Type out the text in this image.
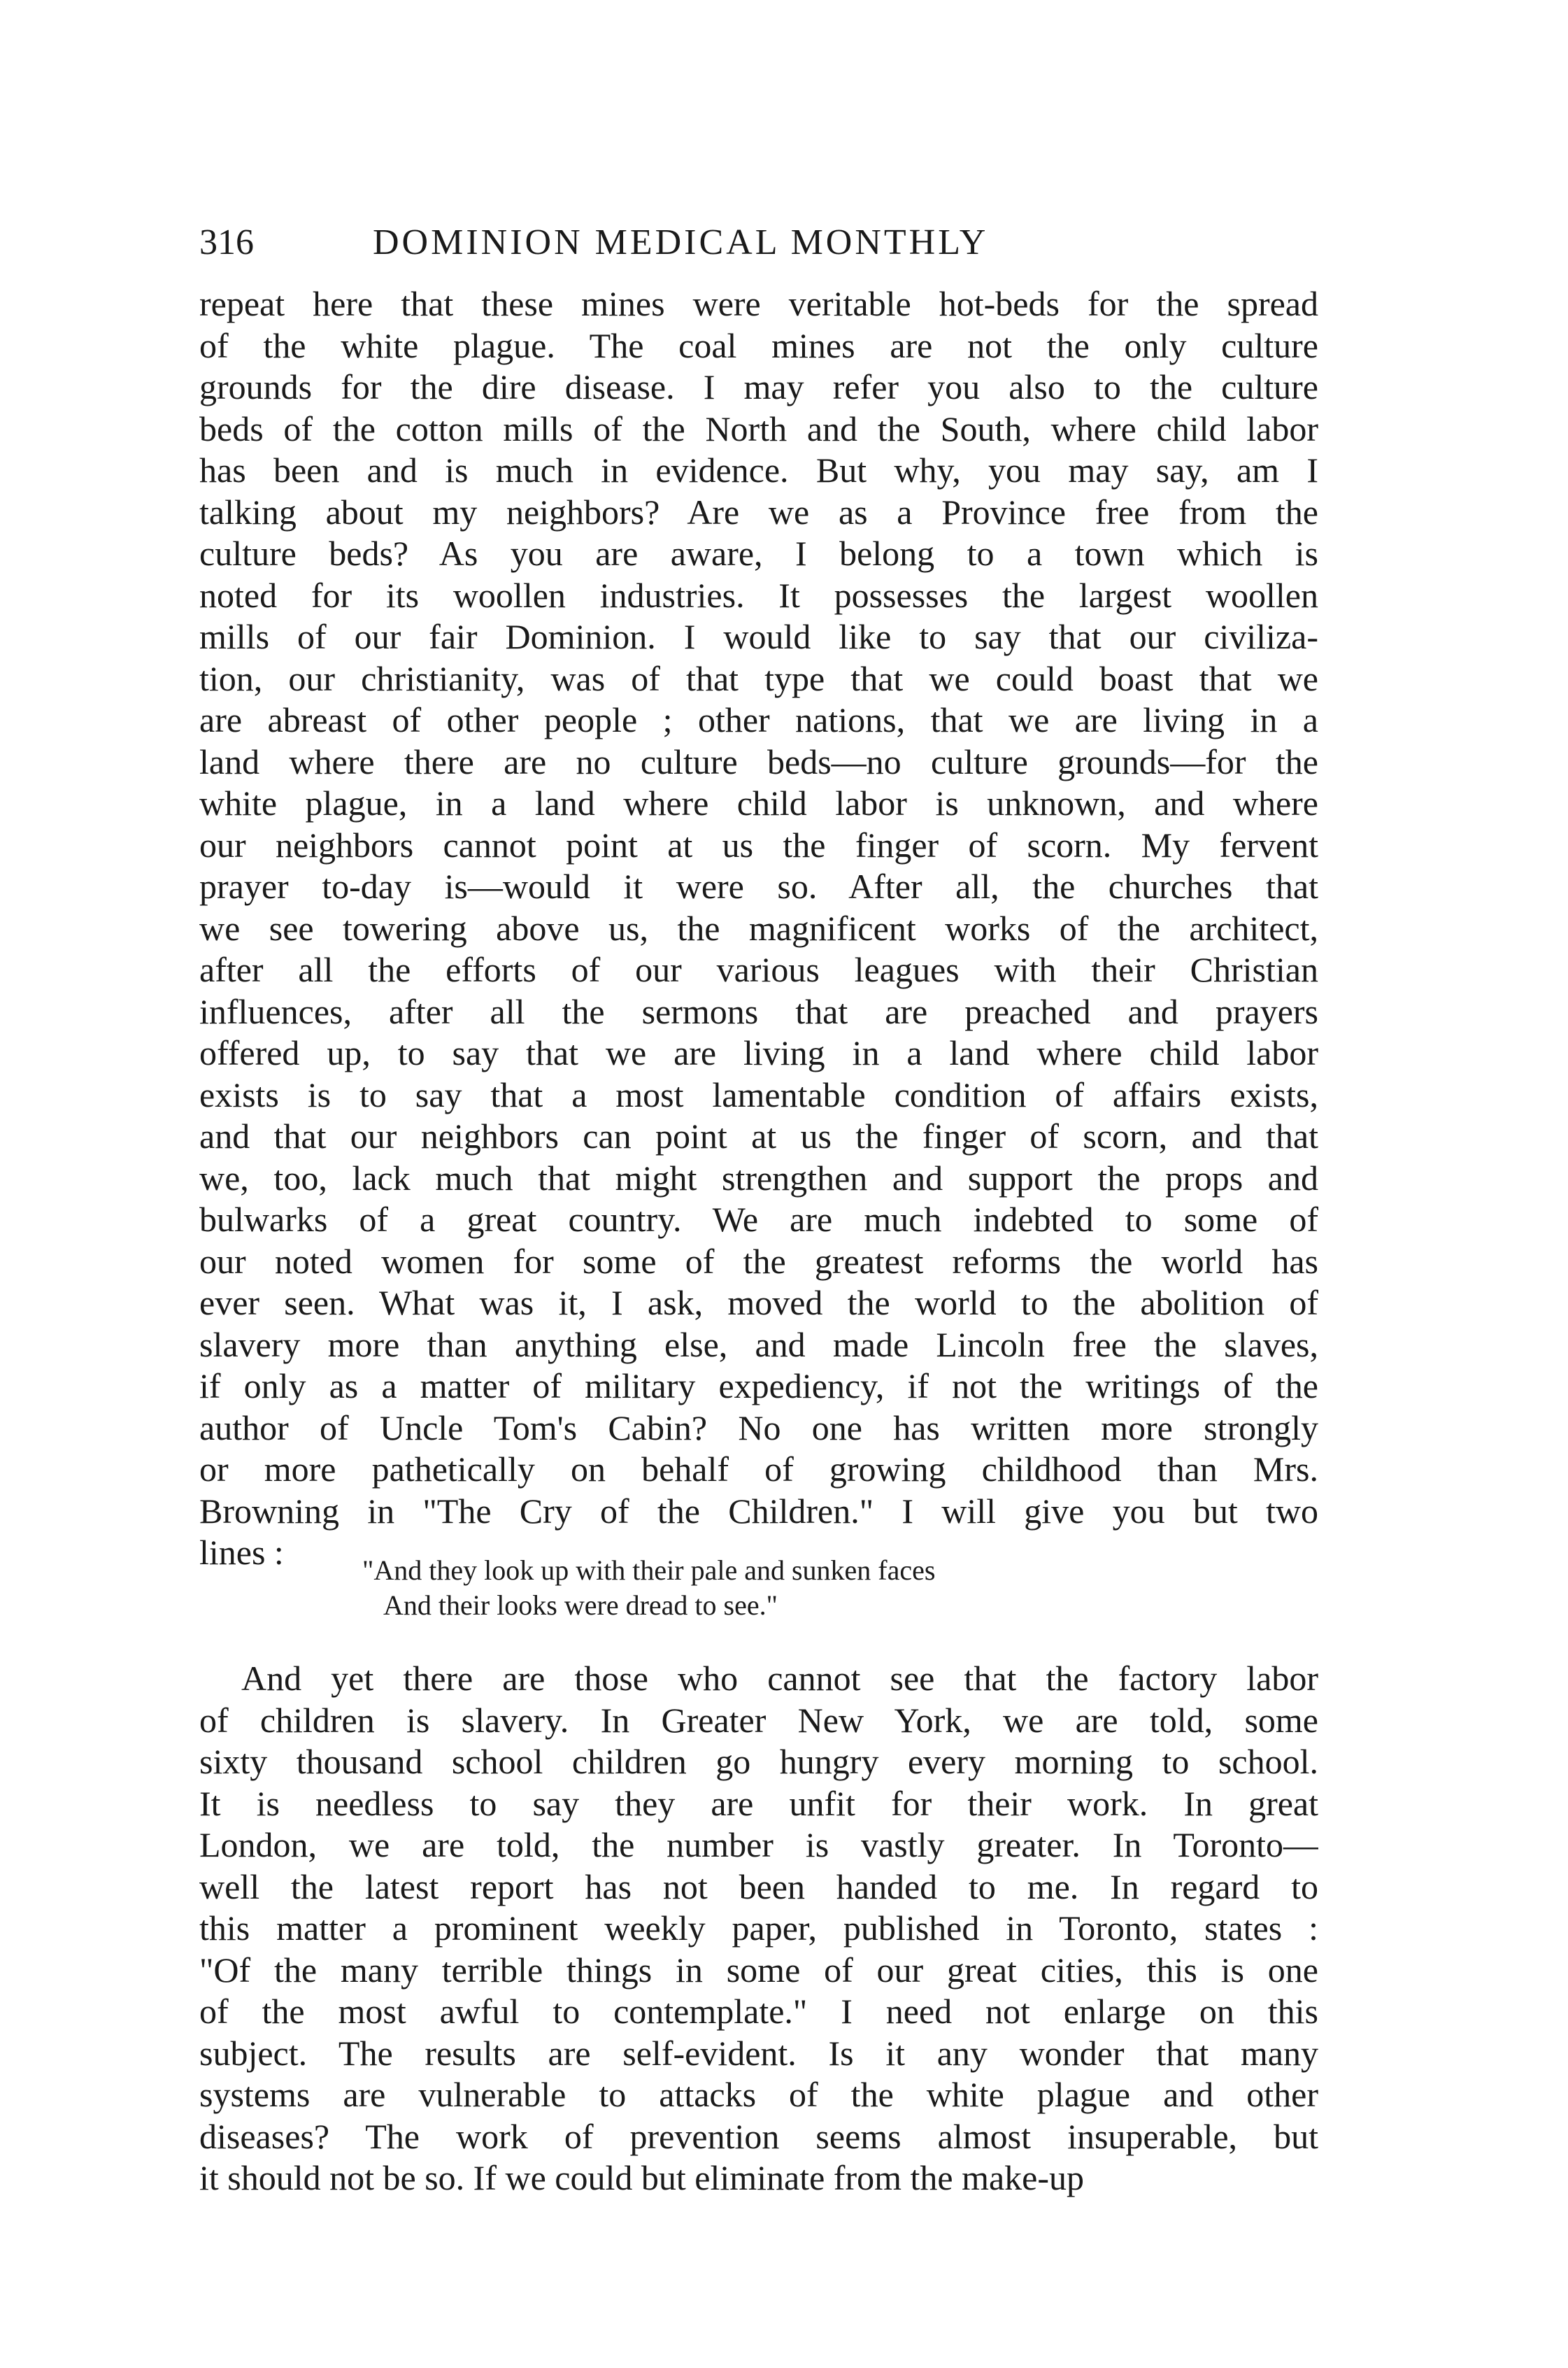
316	DOMINION MEDICAL MONTHLY

repeat here that these mines were veritable hot-beds for the spread
of the white plague. The coal mines are not the only culture
grounds for the dire disease. I may refer you also to the culture
beds of the cotton mills of the North and the South, where child labor
has been and is much in evidence. But why, you may say, am I
talking about my neighbors? Are we as a Province free from the
culture beds? As you are aware, I belong to a town which is
noted for its woollen industries. It possesses the largest woollen
mills of our fair Dominion. I would like to say that our civiliza-
tion, our christianity, was of that type that we could boast that we
are abreast of other people ; other nations, that we are living in a
land where there are no culture beds—no culture grounds—for the
white plague, in a land where child labor is unknown, and where
our neighbors cannot point at us the finger of scorn. My fervent
prayer to-day is—would it were so. After all, the churches that
we see towering above us, the magnificent works of the architect,
after all the efforts of our various leagues with their Christian
influences, after all the sermons that are preached and prayers
offered up, to say that we are living in a land where child labor
exists is to say that a most lamentable condition of affairs exists,
and that our neighbors can point at us the finger of scorn, and that
we, too, lack much that might strengthen and support the props and
bulwarks of a great country. We are much indebted to some of
our noted women for some of the greatest reforms the world has
ever seen. What was it, I ask, moved the world to the abolition of
slavery more than anything else, and made Lincoln free the slaves,
if only as a matter of military expediency, if not the writings of the
author of Uncle Tom's Cabin? No one has written more strongly
or more pathetically on behalf of growing childhood than Mrs.
Browning in "The Cry of the Children." I will give you but two
lines :	"And they look up with their pale and sunken faces
And their looks were dread to see."

And yet there are those who cannot see that the factory labor
of children is slavery. In Greater New York, we are told, some
sixty thousand school children go hungry every morning to school.
It is needless to say they are unfit for their work. In great
London, we are told, the number is vastly greater. In Toronto—
well the latest report has not been handed to me. In regard to
this matter a prominent weekly paper, published in Toronto, states :
"Of the many terrible things in some of our great cities, this is one
of the most awful to contemplate." I need not enlarge on this
subject. The results are self-evident. Is it any wonder that many
systems are vulnerable to attacks of the white plague and other
diseases? The work of prevention seems almost insuperable, but
it should not be so. If we could but eliminate from the make-up
